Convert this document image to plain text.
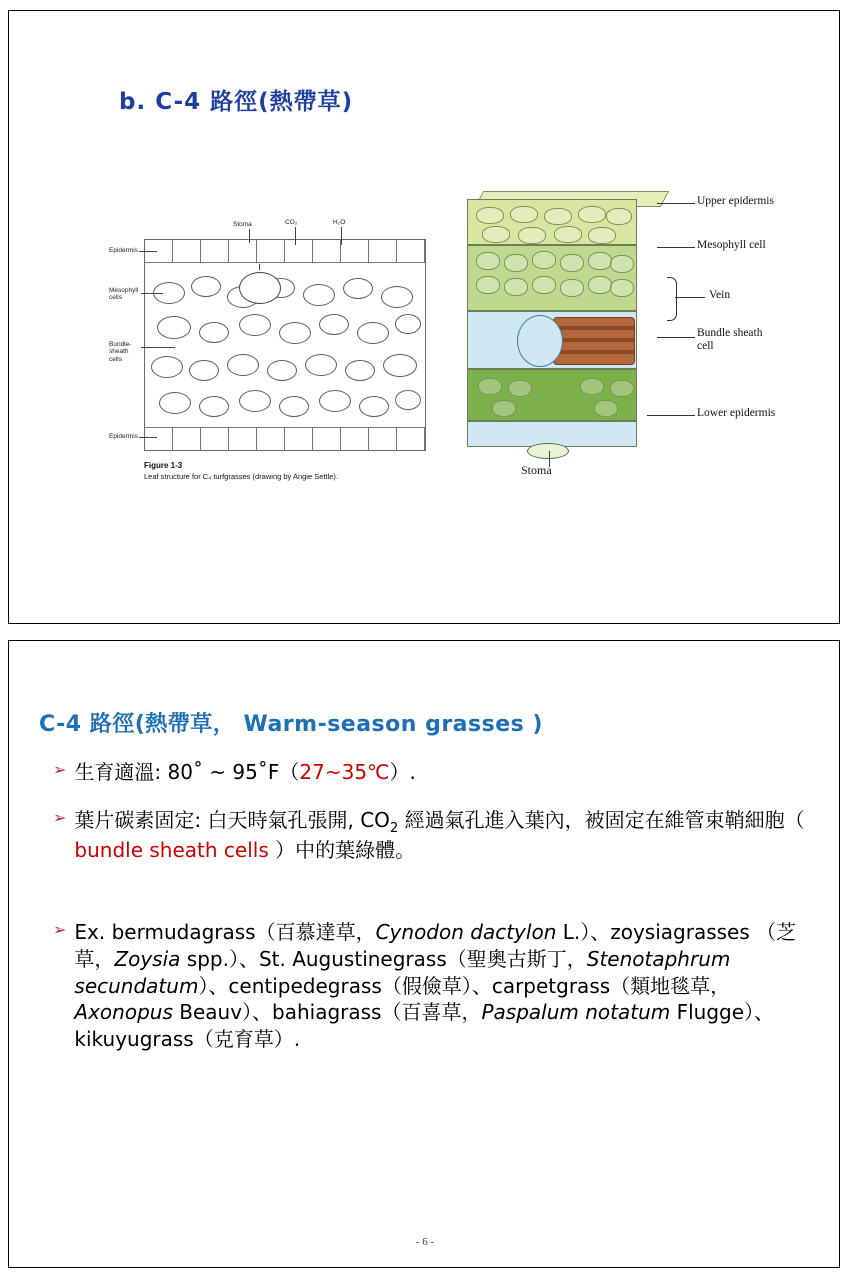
b. C-4 路徑(熱帶草)
Stoma	CO₂	H₂O
Epidermis
Mesophyll cells
Bundle-sheath cells
Epidermis
Figure 1-3
Leaf structure for C₄ turfgrasses (drawing by Angie Settle).
Upper epidermis
Mesophyll cell
Vein
Bundle sheath cell
Lower epidermis
Stoma
C-4 路徑(熱帶草， Warm-season grasses )
➢ 生育適溫: 80˚ ~ 95˚F（27~35℃）.
➢ 葉片碳素固定: 白天時氣孔張開, $CO_2$ 經過氣孔進入葉內，被固定在維管束鞘細胞（ bundle sheath cells ）中的葉綠體。
➢ Ex. bermudagrass（百慕達草，Cynodon dactylon L.）、zoysiagrasses （芝草，Zoysia spp.）、St. Augustinegrass（聖奧古斯丁，Stenotaphrum secundatum）、centipedegrass（假儉草）、carpetgrass（類地毯草，Axonopus Beauv）、bahiagrass（百喜草，Paspalum notatum Flugge）、kikuyugrass（克育草）.
- 6 -
